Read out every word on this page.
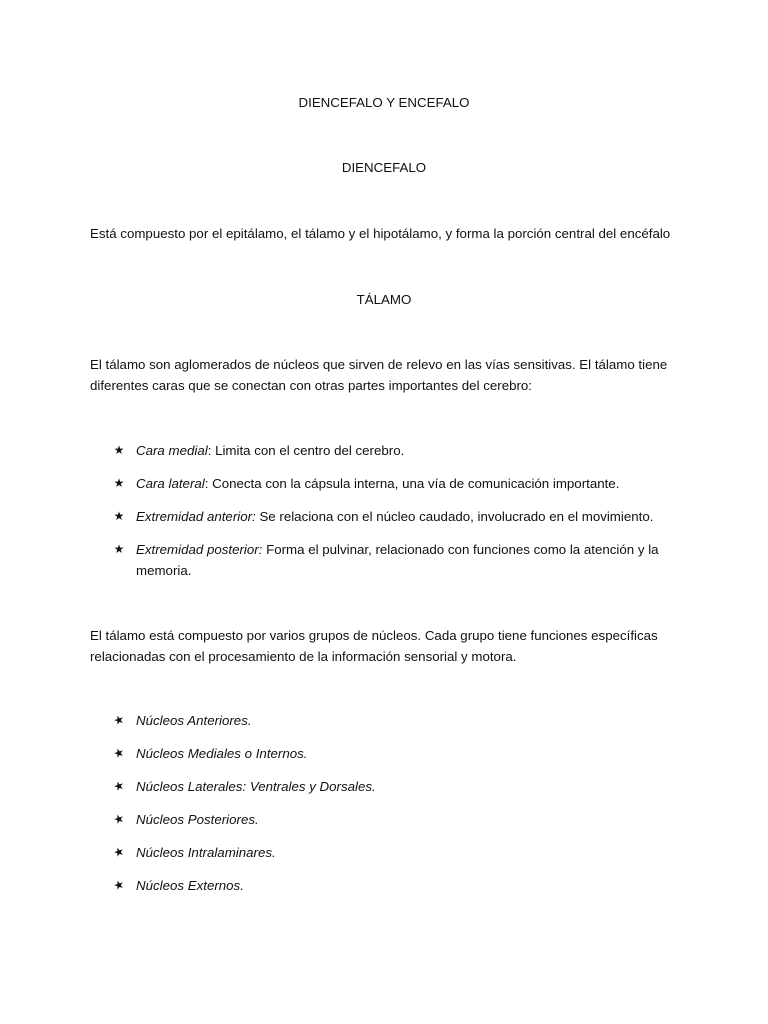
DIENCEFALO Y ENCEFALO
DIENCEFALO
Está compuesto por el epitálamo, el tálamo y el hipotálamo, y forma la porción central del encéfalo
TÁLAMO
El tálamo son aglomerados de núcleos que sirven de relevo en las vías sensitivas. El tálamo tiene diferentes caras que se conectan con otras partes importantes del cerebro:
★ Cara medial: Limita con el centro del cerebro.
★ Cara lateral: Conecta con la cápsula interna, una vía de comunicación importante.
★ Extremidad anterior: Se relaciona con el núcleo caudado, involucrado en el movimiento.
★ Extremidad posterior: Forma el pulvinar, relacionado con funciones como la atención y la memoria.
El tálamo está compuesto por varios grupos de núcleos. Cada grupo tiene funciones específicas relacionadas con el procesamiento de la información sensorial y motora.
★ Núcleos Anteriores.
★ Núcleos Mediales o Internos.
★ Núcleos Laterales: Ventrales y Dorsales.
★ Núcleos Posteriores.
★ Núcleos Intralaminares.
★ Núcleos Externos.
